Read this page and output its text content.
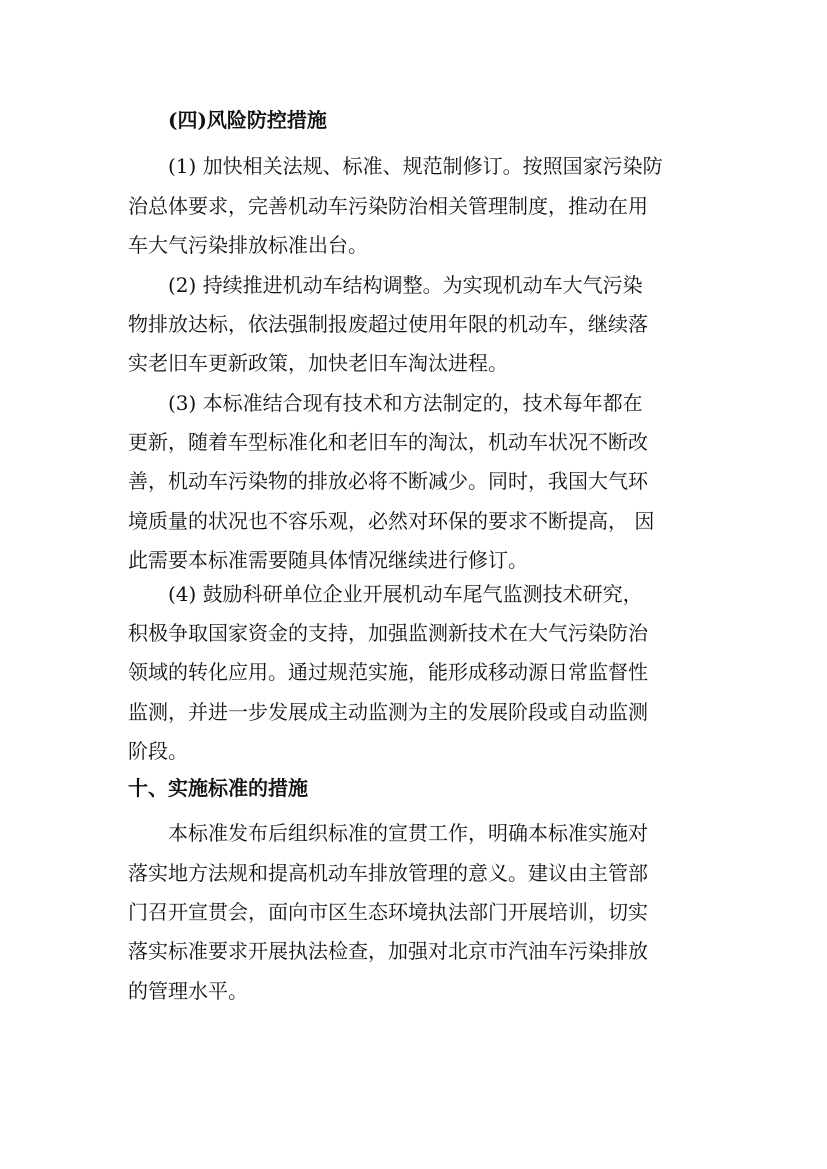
(四)风险防控措施
(1) 加快相关法规、标准、规范制修订。按照国家污染防
治总体要求，完善机动车污染防治相关管理制度，推动在用
车大气污染排放标准出台。
(2) 持续推进机动车结构调整。为实现机动车大气污染
物排放达标，依法强制报废超过使用年限的机动车，继续落
实老旧车更新政策，加快老旧车淘汰进程。
(3) 本标准结合现有技术和方法制定的，技术每年都在
更新，随着车型标准化和老旧车的淘汰，机动车状况不断改
善，机动车污染物的排放必将不断减少。同时，我国大气环
境质量的状况也不容乐观，必然对环保的要求不断提高， 因
此需要本标准需要随具体情况继续进行修订。
(4) 鼓励科研单位企业开展机动车尾气监测技术研究，
积极争取国家资金的支持，加强监测新技术在大气污染防治
领域的转化应用。通过规范实施，能形成移动源日常监督性
监测，并进一步发展成主动监测为主的发展阶段或自动监测
阶段。
十、实施标准的措施
本标准发布后组织标准的宣贯工作，明确本标准实施对
落实地方法规和提高机动车排放管理的意义。建议由主管部
门召开宣贯会，面向市区生态环境执法部门开展培训，切实
落实标准要求开展执法检查，加强对北京市汽油车污染排放
的管理水平。
